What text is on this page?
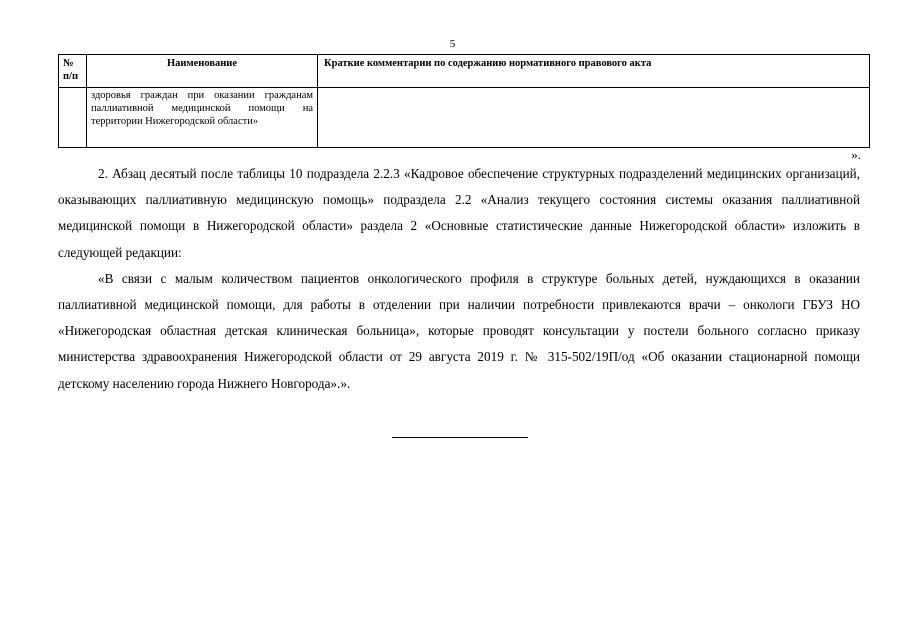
5
№ п/п	Наименование	Краткие комментарии по содержанию нормативного правового акта
	здоровья граждан при оказании гражданам паллиативной медицинской помощи на территории Нижегородской области»	
».

2. Абзац десятый после таблицы 10 подраздела 2.2.3 «Кадровое обеспечение структурных подразделений медицинских организаций, оказывающих паллиативную медицинскую помощь» подраздела 2.2 «Анализ текущего состояния системы оказания паллиативной медицинской помощи в Нижегородской области» раздела 2 «Основные статистические данные Нижегородской области» изложить в следующей редакции:

«В связи с малым количеством пациентов онкологического профиля в структуре больных детей, нуждающихся в оказании паллиативной медицинской помощи, для работы в отделении при наличии потребности привлекаются врачи – онкологи ГБУЗ НО «Нижегородская областная детская клиническая больница», которые проводят консультации у постели больного согласно приказу министерства здравоохранения Нижегородской области от 29 августа 2019 г. № 315-502/19П/од «Об оказании стационарной помощи детскому населению города Нижнего Новгорода».».
